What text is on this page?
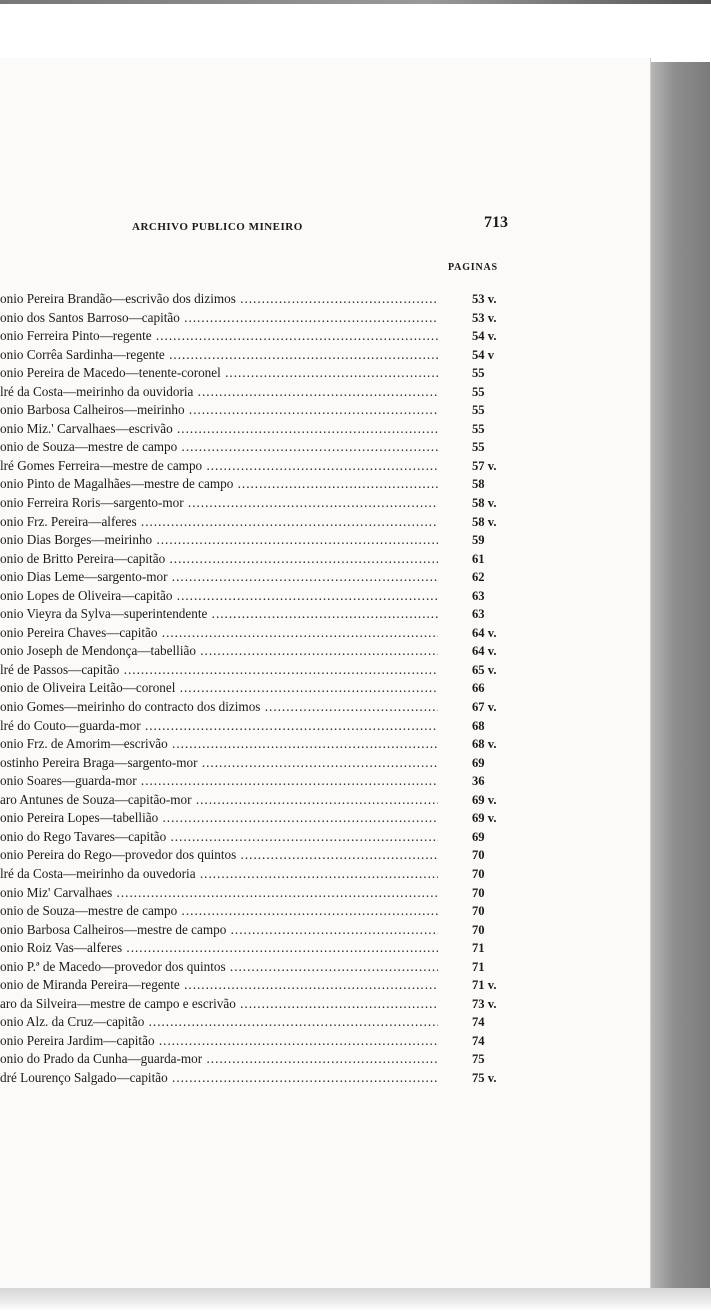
ARCHIVO PUBLICO MINEIRO	713
PAGINAS
onio Pereira Brandão—escrivão dos dizimos .....	53 v.
onio dos Santos Barroso—capitão .....	53 v.
onio Ferreira Pinto—regente .....	54 v.
onio Corrêa Sardinha—regente .....	54 v
onio Pereira de Macedo—tenente-coronel .....	55
lré da Costa—meirinho da ouvidoria .....	55
onio Barbosa Calheiros—meirinho .....	55
onio Miz.' Carvalhaes—escrivão .....	55
onio de Souza—mestre de campo .....	55
lré Gomes Ferreira—mestre de campo .....	57 v.
onio Pinto de Magalhães—mestre de campo .....	58
onio Ferreira Roris—sargento-mor .....	58 v.
onio Frz. Pereira—alferes .....	58 v.
onio Dias Borges—meirinho .....	59
onio de Britto Pereira—capitão .....	61
onio Dias Leme—sargento-mor .....	62
onio Lopes de Oliveira—capitão .....	63
onio Vieyra da Sylva—superintendente .....	63
onio Pereira Chaves—capitão .....	64 v.
onio Joseph de Mendonça—tabellião .....	64 v.
lré de Passos—capitão .....	65 v.
onio de Oliveira Leitão—coronel .....	66
onio Gomes—meirinho do contracto dos dizimos .....	67 v.
lré do Couto—guarda-mor .....	68
onio Frz. de Amorim—escrivão .....	68 v.
ostinho Pereira Braga—sargento-mor .....	69
onio Soares—guarda-mor .....	36
aro Antunes de Souza—capitão-mor .....	69 v.
onio Pereira Lopes—tabellião .....	69 v.
onio do Rego Tavares—capitão .....	69
onio Pereira do Rego—provedor dos quintos .....	70
lré da Costa—meirinho da ouvedoria .....	70
onio Miz' Carvalhaes .....	70
onio de Souza—mestre de campo .....	70
onio Barbosa Calheiros—mestre de campo .....	70
onio Roiz Vas—alferes .....	71
onio P.ª de Macedo—provedor dos quintos .....	71
onio de Miranda Pereira—regente .....	71 v.
aro da Silveira—mestre de campo e escrivão .....	73 v.
onio Alz. da Cruz—capitão .....	74
onio Pereira Jardim—capitão .....	74
onio do Prado da Cunha—guarda-mor .....	75
dré Lourenço Salgado—capitão .....	75 v.
